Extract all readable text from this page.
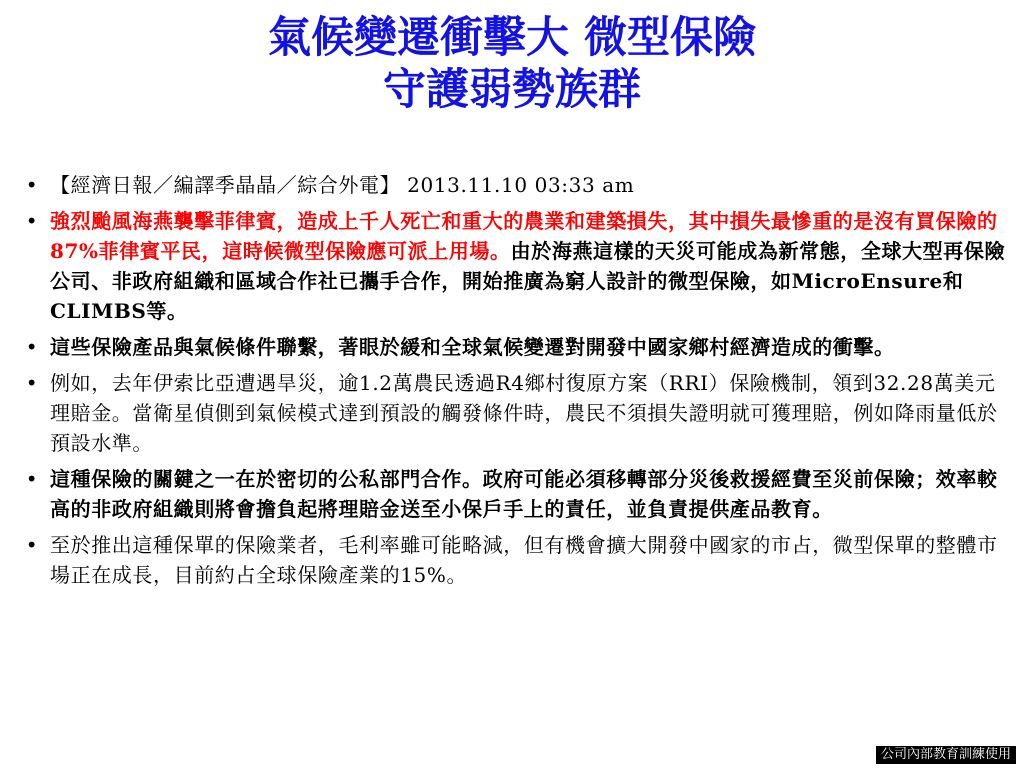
氣候變遷衝擊大 微型保險
守護弱勢族群
• 【經濟日報／編譯季晶晶／綜合外電】 2013.11.10 03:33 am
• 強烈颱風海燕襲擊菲律賓，造成上千人死亡和重大的農業和建築損失，其中損失最慘重的是沒有買保險的87%菲律賓平民，這時候微型保險應可派上用場。由於海燕這樣的天災可能成為新常態，全球大型再保險公司、非政府組織和區域合作社已攜手合作，開始推廣為窮人設計的微型保險，如MicroEnsure和CLIMBS等。
• 這些保險產品與氣候條件聯繫，著眼於緩和全球氣候變遷對開發中國家鄉村經濟造成的衝擊。
• 例如，去年伊索比亞遭遇旱災，逾1.2萬農民透過R4鄉村復原方案（RRI）保險機制，領到32.28萬美元理賠金。當衛星偵側到氣候模式達到預設的觸發條件時，農民不須損失證明就可獲理賠，例如降雨量低於預設水準。
• 這種保險的關鍵之一在於密切的公私部門合作。政府可能必須移轉部分災後救援經費至災前保險；效率較高的非政府組織則將會擔負起將理賠金送至小保戶手上的責任，並負責提供產品教育。
• 至於推出這種保單的保險業者，毛利率雖可能略減，但有機會擴大開發中國家的市占，微型保單的整體市場正在成長，目前約占全球保險產業的15%。
公司內部教育訓練使用
